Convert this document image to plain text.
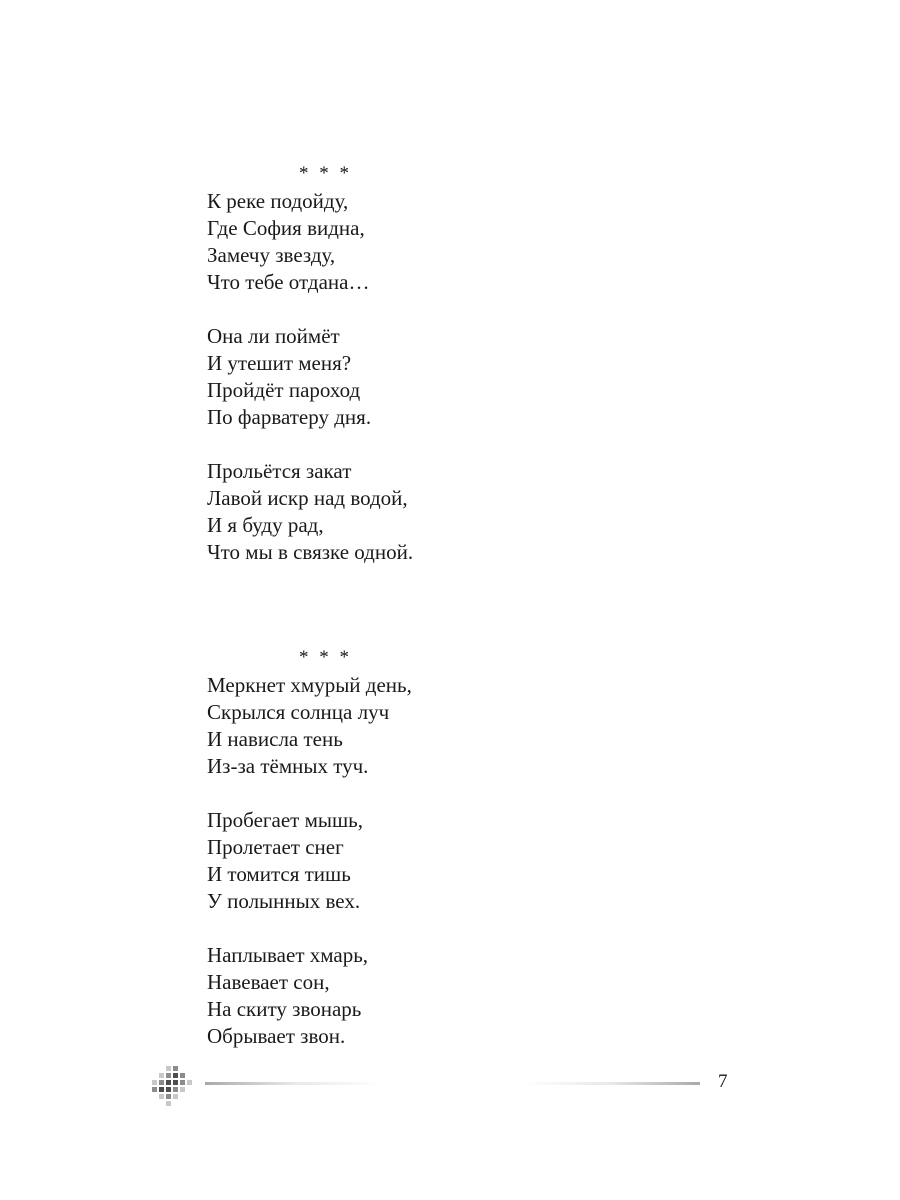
* * *
К реке подойду,
Где София видна,
Замечу звезду,
Что тебе отдана…
Она ли поймёт
И утешит меня?
Пройдёт пароход
По фарватеру дня.
Прольётся закат
Лавой искр над водой,
И я буду рад,
Что мы в связке одной.
* * *
Меркнет хмурый день,
Скрылся солнца луч
И нависла тень
Из-за тёмных туч.
Пробегает мышь,
Пролетает снег
И томится тишь
У полынных вех.
Наплывает хмарь,
Навевает сон,
На скиту звонарь
Обрывает звон.
7
